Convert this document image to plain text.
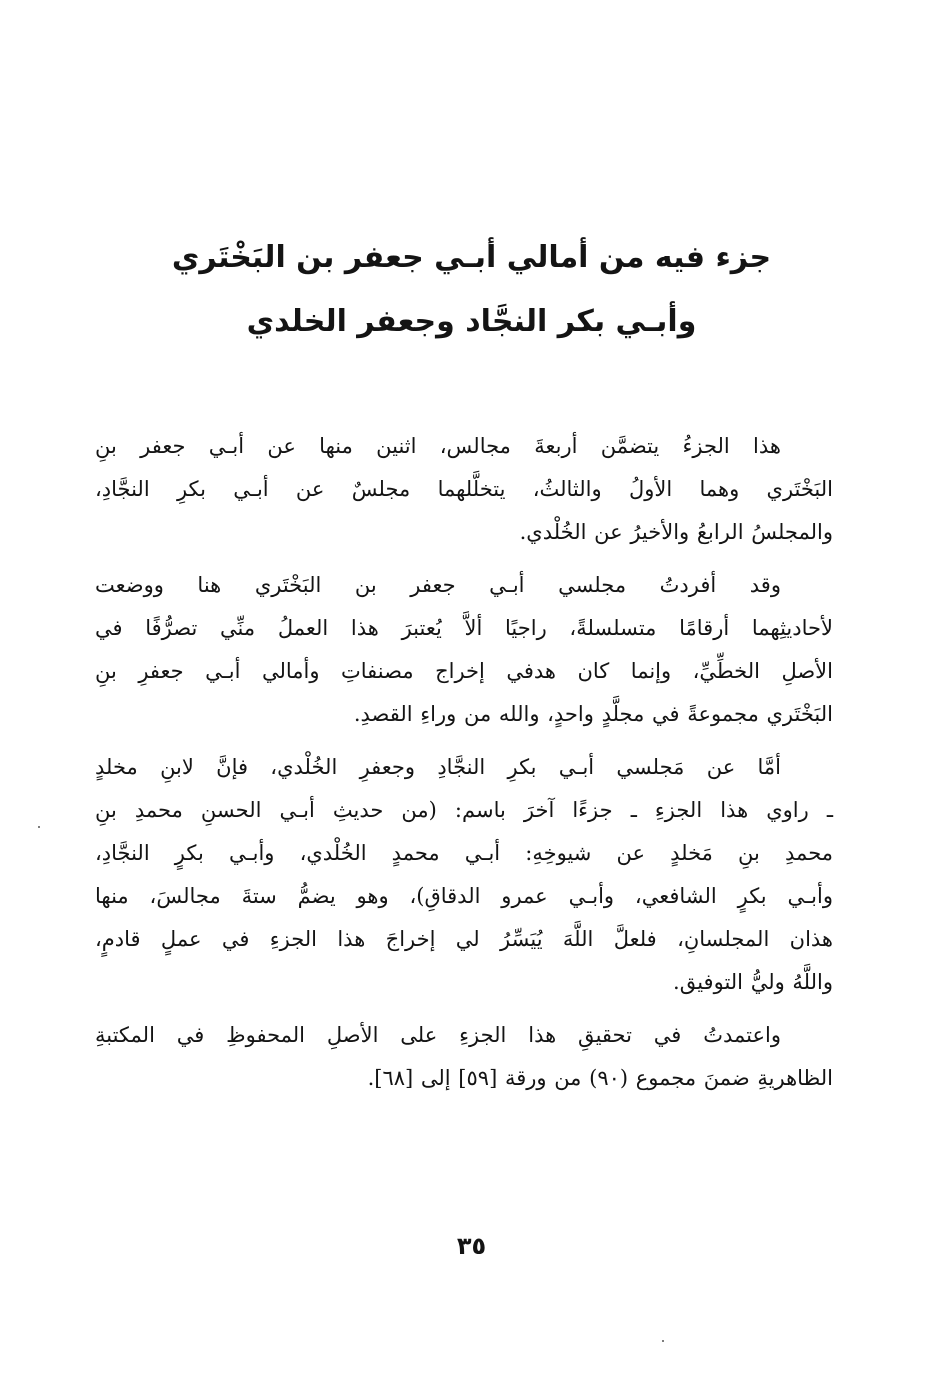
جزء فيه من أمالي أبـي جعفر بن البَخْتَري
وأبـي بكر النجَّاد وجعفر الخلدي
هذا الجزءُ يتضمَّن أربعةَ مجالس، اثنين منها عن أبـي جعفر بنِ
البَخْتَري وهما الأولُ والثالثُ، يتخلَّلهما مجلسٌ عن أبـي بكرِ النجَّادِ،
والمجلسُ الرابعُ والأخيرُ عن الخُلْدي.
وقد أفردتُ مجلسي أبـي جعفر بن البَخْتَري هنا ووضعت
لأحاديثِهما أرقامًا متسلسلةً، راجيًا ألاَّ يُعتبرَ هذا العملُ منِّي تصرُّفًا في
الأصلِ الخطِّيِّ، وإنما كان هدفي إخراج مصنفاتِ وأمالي أبـي جعفرِ بنِ
البَخْتَري مجموعةً في مجلَّدٍ واحدٍ، والله من وراءِ القصدِ.
أمَّا عن مَجلسي أبـي بكرِ النجَّادِ وجعفرِ الخُلْدي، فإنَّ لابنِ مخلدٍ
ـ راوي هذا الجزءِ ـ جزءًا آخرَ باسم: (من حديثِ أبـي الحسنِ محمدِ بنِ
محمدِ بنِ مَخلدٍ عن شيوخِهِ: أبـي محمدٍ الخُلْدي، وأبـي بكرٍ النجَّادِ،
وأبـي بكرٍ الشافعي، وأبـي عمرو الدقاقِ)، وهو يضمُّ ستةَ مجالسَ، منها
هذان المجلسانِ، فلعلَّ اللَّهَ يُيَسِّرُ لي إخراجَ هذا الجزءِ في عملٍ قادمٍ،
واللَّهُ وليُّ التوفيق.
واعتمدتُ في تحقيقِ هذا الجزءِ على الأصلِ المحفوظِ في المكتبةِ
الظاهريةِ ضمنَ مجموع (٩٠) من ورقة [٥٩] إلى [٦٨].
٣٥
